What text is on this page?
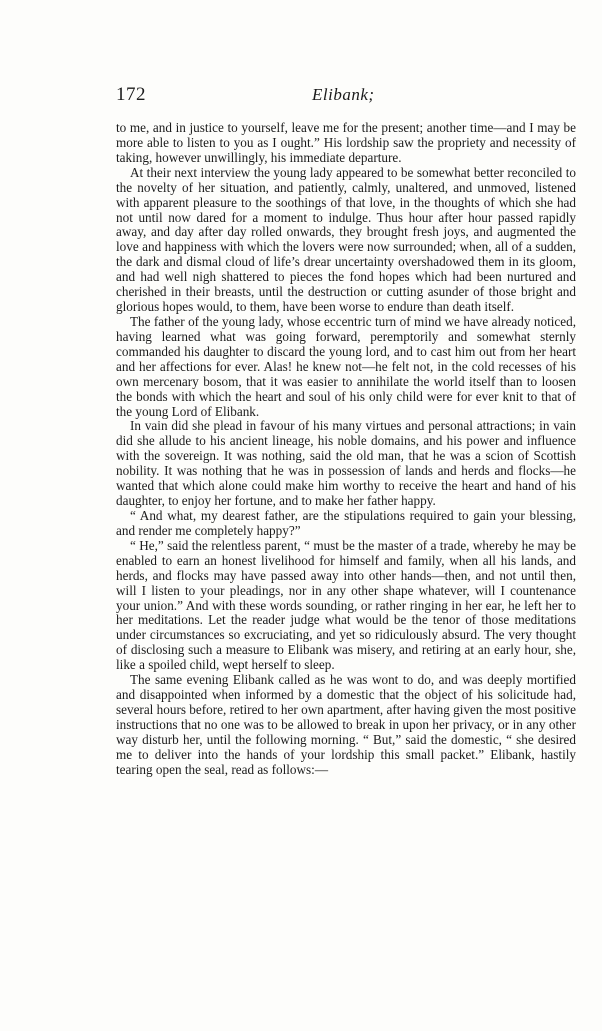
172	Elibank;

to me, and in justice to yourself, leave me for the present; another time—and I may be more able to listen to you as I ought.” His lordship saw the propriety and necessity of taking, however unwillingly, his immediate departure.

At their next interview the young lady appeared to be somewhat better reconciled to the novelty of her situation, and patiently, calmly, unaltered, and unmoved, listened with apparent pleasure to the soothings of that love, in the thoughts of which she had not until now dared for a moment to indulge. Thus hour after hour passed rapidly away, and day after day rolled onwards, they brought fresh joys, and augmented the love and happiness with which the lovers were now surrounded; when, all of a sudden, the dark and dismal cloud of life’s drear uncertainty overshadowed them in its gloom, and had well nigh shattered to pieces the fond hopes which had been nurtured and cherished in their breasts, until the destruction or cutting asunder of those bright and glorious hopes would, to them, have been worse to endure than death itself.

The father of the young lady, whose eccentric turn of mind we have already noticed, having learned what was going forward, peremptorily and somewhat sternly commanded his daughter to discard the young lord, and to cast him out from her heart and her affections for ever. Alas! he knew not—he felt not, in the cold recesses of his own mercenary bosom, that it was easier to annihilate the world itself than to loosen the bonds with which the heart and soul of his only child were for ever knit to that of the young Lord of Elibank.

In vain did she plead in favour of his many virtues and personal attractions; in vain did she allude to his ancient lineage, his noble domains, and his power and influence with the sovereign. It was nothing, said the old man, that he was a scion of Scottish nobility. It was nothing that he was in possession of lands and herds and flocks—he wanted that which alone could make him worthy to receive the heart and hand of his daughter, to enjoy her fortune, and to make her father happy.

“ And what, my dearest father, are the stipulations required to gain your blessing, and render me completely happy?”

“ He,” said the relentless parent, “ must be the master of a trade, whereby he may be enabled to earn an honest livelihood for himself and family, when all his lands, and herds, and flocks may have passed away into other hands—then, and not until then, will I listen to your pleadings, nor in any other shape whatever, will I countenance your union.” And with these words sounding, or rather ringing in her ear, he left her to her meditations. Let the reader judge what would be the tenor of those meditations under circumstances so excruciating, and yet so ridiculously absurd. The very thought of disclosing such a measure to Elibank was misery, and retiring at an early hour, she, like a spoiled child, wept herself to sleep.

The same evening Elibank called as he was wont to do, and was deeply mortified and disappointed when informed by a domestic that the object of his solicitude had, several hours before, retired to her own apartment, after having given the most positive instructions that no one was to be allowed to break in upon her privacy, or in any other way disturb her, until the following morning. “ But,” said the domestic, “ she desired me to deliver into the hands of your lordship this small packet.” Elibank, hastily tearing open the seal, read as follows:—
